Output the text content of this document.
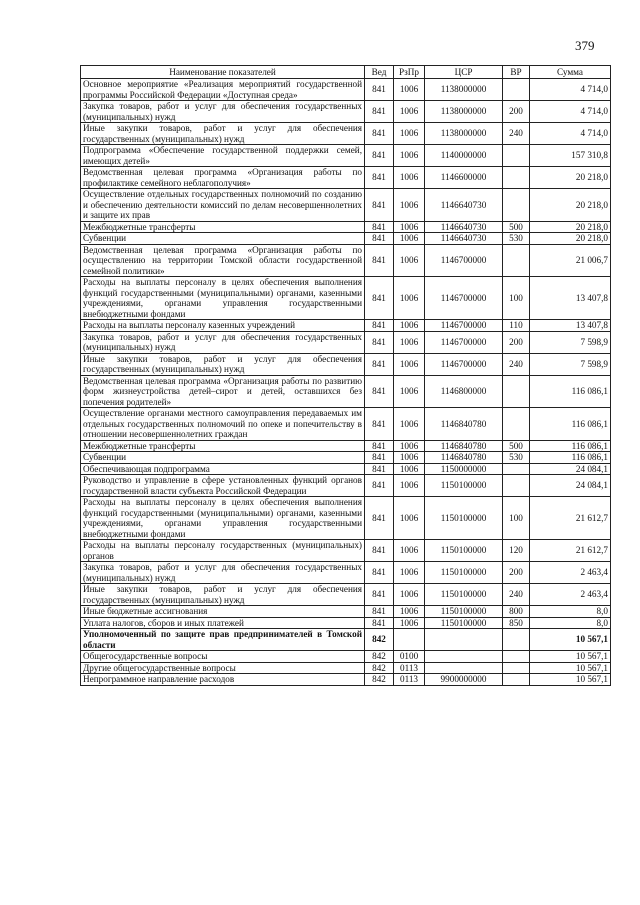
379
Наименование показателей	Вед	РзПр	ЦСР	ВР	Сумма
Основное мероприятие «Реализация мероприятий государственной программы Российской Федерации «Доступная среда»	841	1006	1138000000		4 714,0
Закупка товаров, работ и услуг для обеспечения государственных (муниципальных) нужд	841	1006	1138000000	200	4 714,0
Иные закупки товаров, работ и услуг для обеспечения государственных (муниципальных) нужд	841	1006	1138000000	240	4 714,0
Подпрограмма «Обеспечение государственной поддержки семей, имеющих детей»	841	1006	1140000000		157 310,8
Ведомственная целевая программа «Организация работы по профилактике семейного неблагополучия»	841	1006	1146600000		20 218,0
Осуществление отдельных государственных полномочий по созданию и обеспечению деятельности комиссий по делам несовершеннолетних и защите их прав	841	1006	1146640730		20 218,0
Межбюджетные трансферты	841	1006	1146640730	500	20 218,0
Субвенции	841	1006	1146640730	530	20 218,0
Ведомственная целевая программа «Организация работы по осуществлению на территории Томской области государственной семейной политики»	841	1006	1146700000		21 006,7
Расходы на выплаты персоналу в целях обеспечения выполнения функций государственными (муниципальными) органами, казенными учреждениями, органами управления государственными внебюджетными фондами	841	1006	1146700000	100	13 407,8
Расходы на выплаты персоналу казенных учреждений	841	1006	1146700000	110	13 407,8
Закупка товаров, работ и услуг для обеспечения государственных (муниципальных) нужд	841	1006	1146700000	200	7 598,9
Иные закупки товаров, работ и услуг для обеспечения государственных (муниципальных) нужд	841	1006	1146700000	240	7 598,9
Ведомственная целевая программа «Организация работы по развитию форм жизнеустройства детей–сирот и детей, оставшихся без попечения родителей»	841	1006	1146800000		116 086,1
Осуществление органами местного самоуправления передаваемых им отдельных государственных полномочий по опеке и попечительству в отношении несовершеннолетних граждан	841	1006	1146840780		116 086,1
Межбюджетные трансферты	841	1006	1146840780	500	116 086,1
Субвенции	841	1006	1146840780	530	116 086,1
Обеспечивающая подпрограмма	841	1006	1150000000		24 084,1
Руководство и управление в сфере установленных функций органов государственной власти субъекта Российской Федерации	841	1006	1150100000		24 084,1
Расходы на выплаты персоналу в целях обеспечения выполнения функций государственными (муниципальными) органами, казенными учреждениями, органами управления государственными внебюджетными фондами	841	1006	1150100000	100	21 612,7
Расходы на выплаты персоналу государственных (муниципальных) органов	841	1006	1150100000	120	21 612,7
Закупка товаров, работ и услуг для обеспечения государственных (муниципальных) нужд	841	1006	1150100000	200	2 463,4
Иные закупки товаров, работ и услуг для обеспечения государственных (муниципальных) нужд	841	1006	1150100000	240	2 463,4
Иные бюджетные ассигнования	841	1006	1150100000	800	8,0
Уплата налогов, сборов и иных платежей	841	1006	1150100000	850	8,0
Уполномоченный по защите прав предпринимателей в Томской области	842				10 567,1
Общегосударственные вопросы	842	0100			10 567,1
Другие общегосударственные вопросы	842	0113			10 567,1
Непрограммное направление расходов	842	0113	9900000000		10 567,1
